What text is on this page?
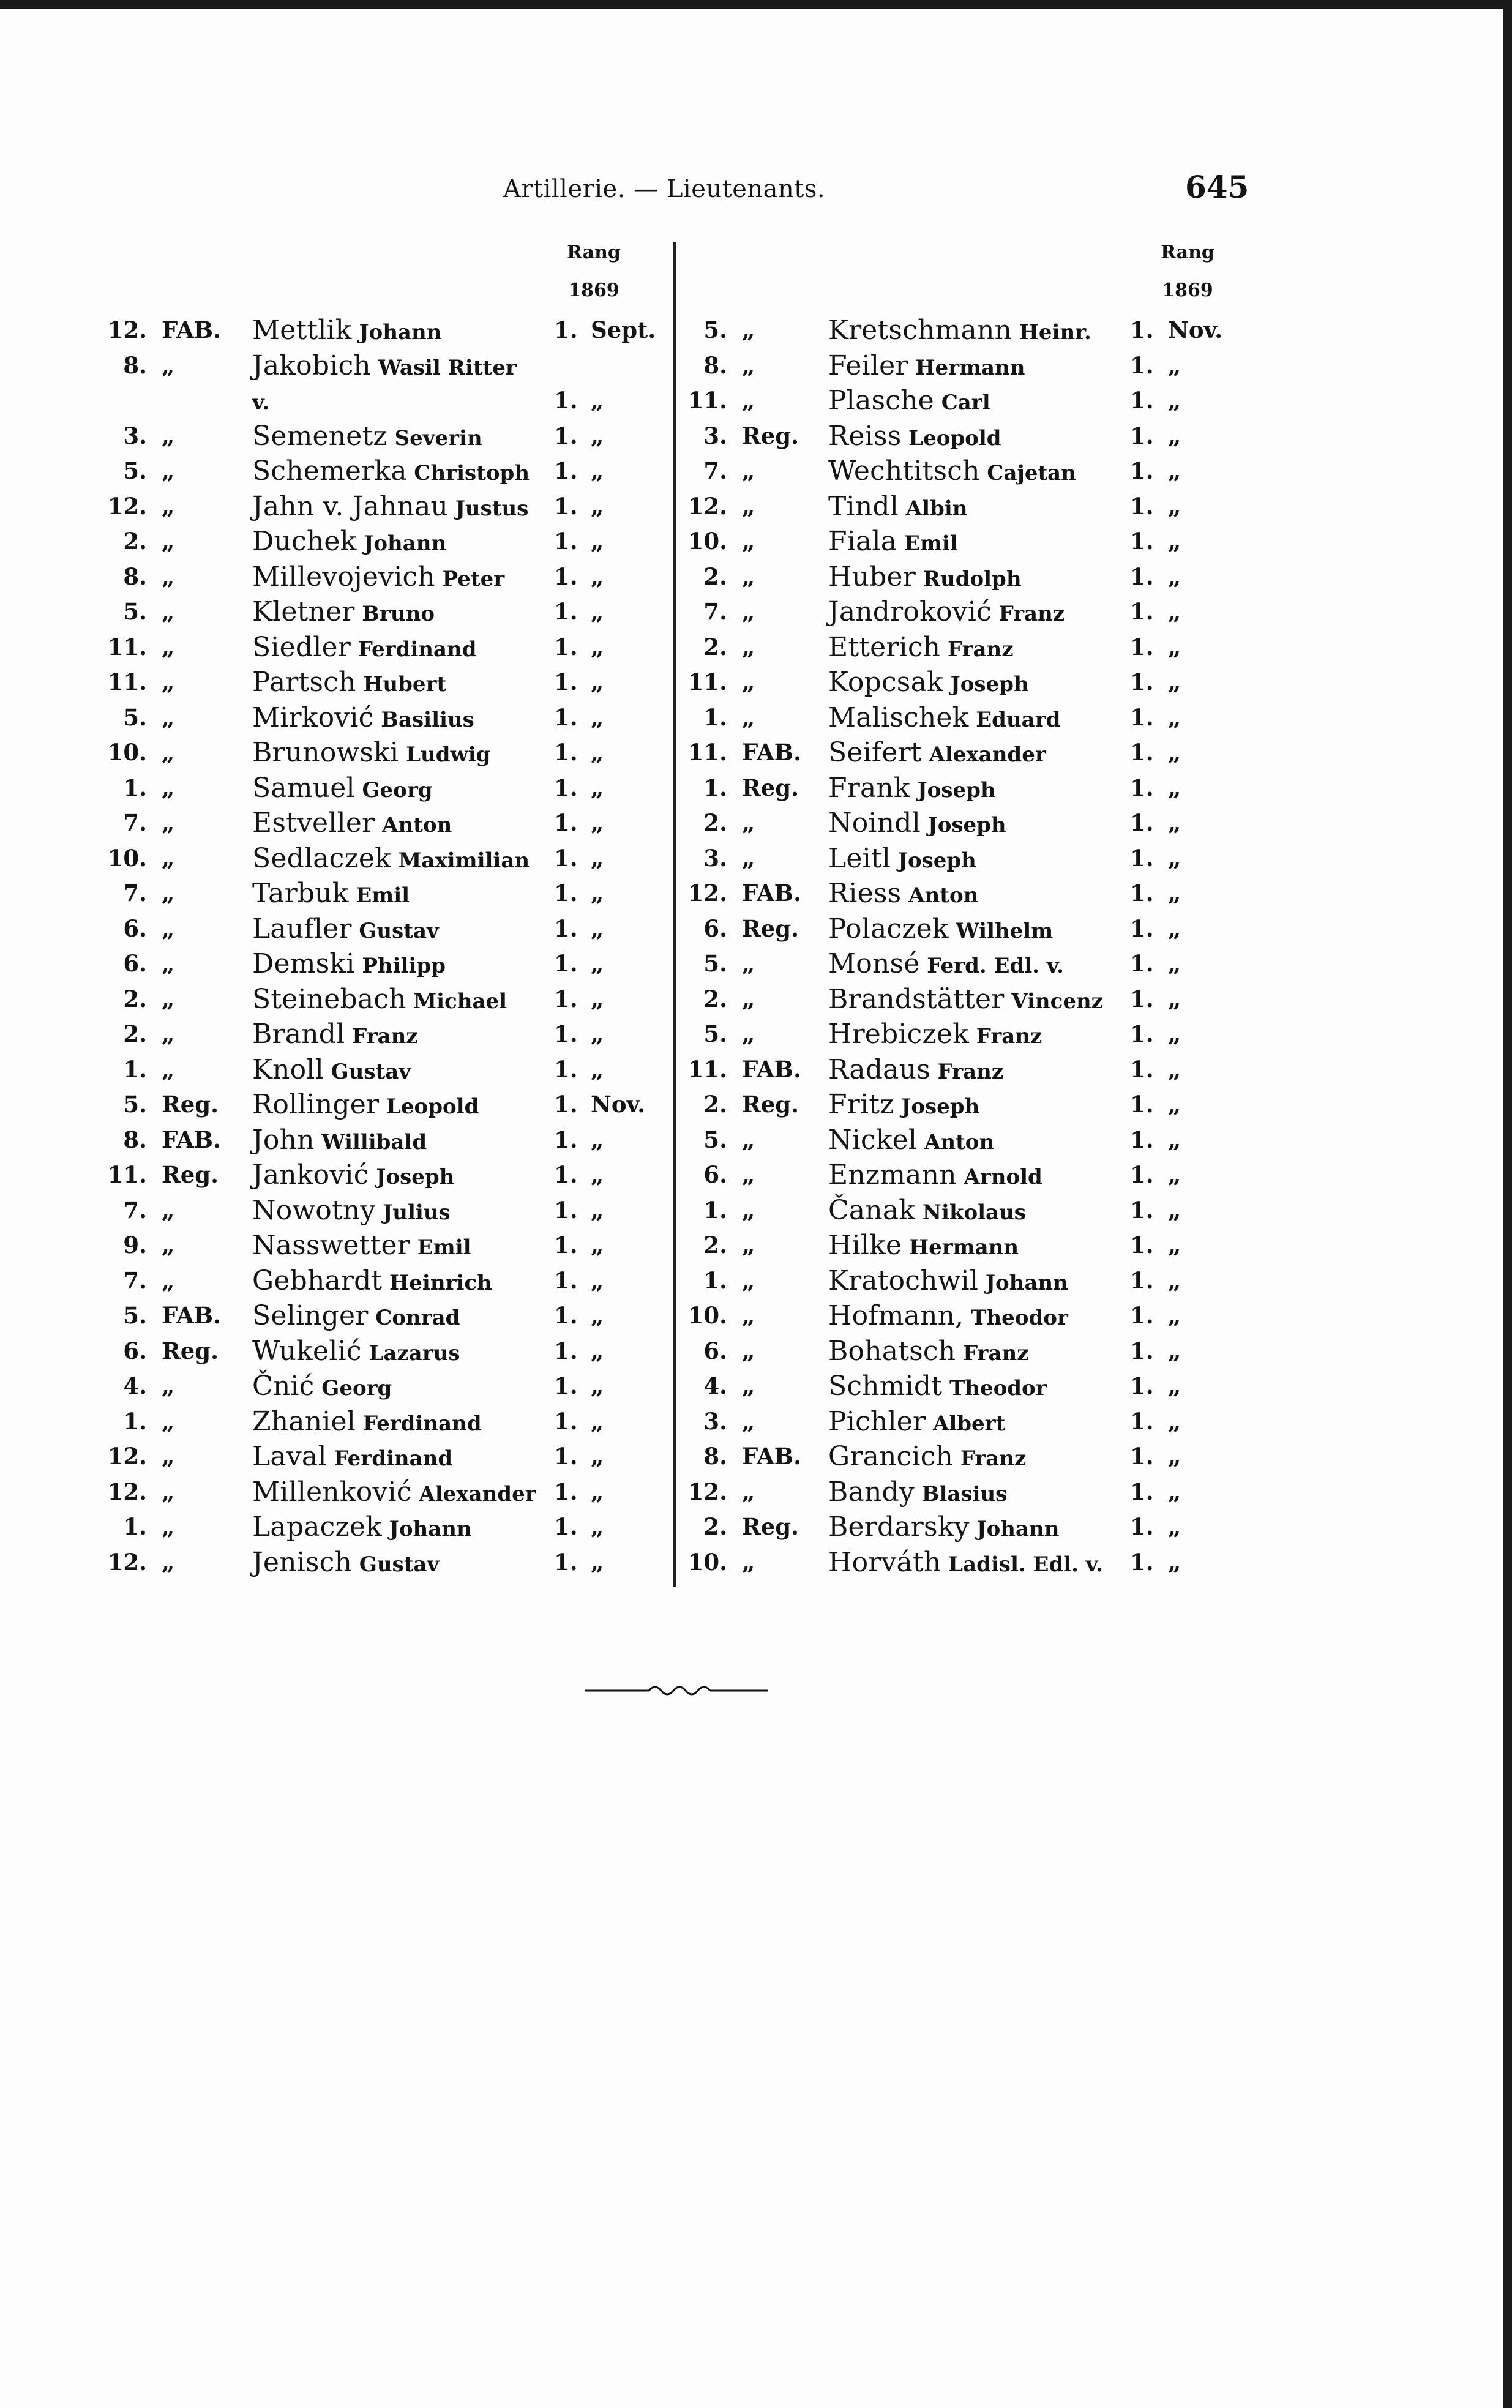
Artillerie. — Lieutenants.	645
Rang
1869
Rang
1869
12. FAB. Mettlik Johann	1. Sept.
8. „	Jakobich Wasil Ritter
v.	1. „
3. „	Semenetz Severin	1. „
5. „	Schemerka Christoph 1. „
12. „	Jahn v. Jahnau Justus 1. „
2. „	Duchek Johann	1. „
8. „	Millevojevich Peter 1. „
5. „	Kletner Bruno	1. „
11. „	Siedler Ferdinand	1. „
11. „	Partsch Hubert	1. „
5. „	Mirković Basilius	1. „
10. „	Brunowski Ludwig	1. „
1. „	Samuel Georg	1. „
7. „	Estveller Anton	1. „
10. „	Sedlaczek Maximilian 1. „
7. „	Tarbuk Emil	1. „
6. „	Laufler Gustav	1. „
6. „	Demski Philipp	1. „
2. „	Steinebach Michael 1. „
2. „	Brandl Franz	1. „
1. „	Knoll Gustav	1. „
5. Reg. Rollinger Leopold	1. Nov.
8. FAB. John Willibald	1. „
11. Reg. Janković Joseph	1. „
7. „	Nowotny Julius	1. „
9. „	Nasswetter Emil	1. „
7. „	Gebhardt Heinrich	1. „
5. FAB. Selinger Conrad	1. „
6. Reg. Wukelić Lazarus	1. „
4. „	Čnić Georg	1. „
1. „	Zhaniel Ferdinand	1. „
12. „	Laval Ferdinand	1. „
12. „	Millenković Alexander 1. „
1. „	Lapaczek Johann	1. „
12. „	Jenisch Gustav	1. „
5. „	Kretschmann Heinr. 1. Nov.
8. „	Feiler Hermann	1. „
11. „	Plasche Carl	1. „
3. Reg. Reiss Leopold	1. „
7. „	Wechtitsch Cajetan 1. „
12. „	Tindl Albin	1. „
10. „	Fiala Emil	1. „
2. „	Huber Rudolph	1. „
7. „	Jandroković Franz	1. „
2. „	Etterich Franz	1. „
11. „	Kopcsak Joseph	1. „
1. „	Malischek Eduard	1. „
11. FAB. Seifert Alexander	1. „
1. Reg. Frank Joseph	1. „
2. „	Noindl Joseph	1. „
3. „	Leitl Joseph	1. „
12. FAB. Riess Anton	1. „
6. Reg. Polaczek Wilhelm	1. „
5. „	Monsé Ferd. Edl. v.	1. „
2. „	Brandstätter Vincenz 1. „
5. „	Hrebiczek Franz	1. „
11. FAB. Radaus Franz	1. „
2. Reg. Fritz Joseph	1. „
5. „	Nickel Anton	1. „
6. „	Enzmann Arnold	1. „
1. „	Čanak Nikolaus	1. „
2. „	Hilke Hermann	1. „
1. „	Kratochwil Johann	1. „
10. „	Hofmann, Theodor	1. „
6. „	Bohatsch Franz	1. „
4. „	Schmidt Theodor	1. „
3. „	Pichler Albert	1. „
8. FAB. Grancich Franz	1. „
12. „	Bandy Blasius	1. „
2. Reg. Berdarsky Johann	1. „
10. „	Horváth Ladisl. Edl. v. 1. „
